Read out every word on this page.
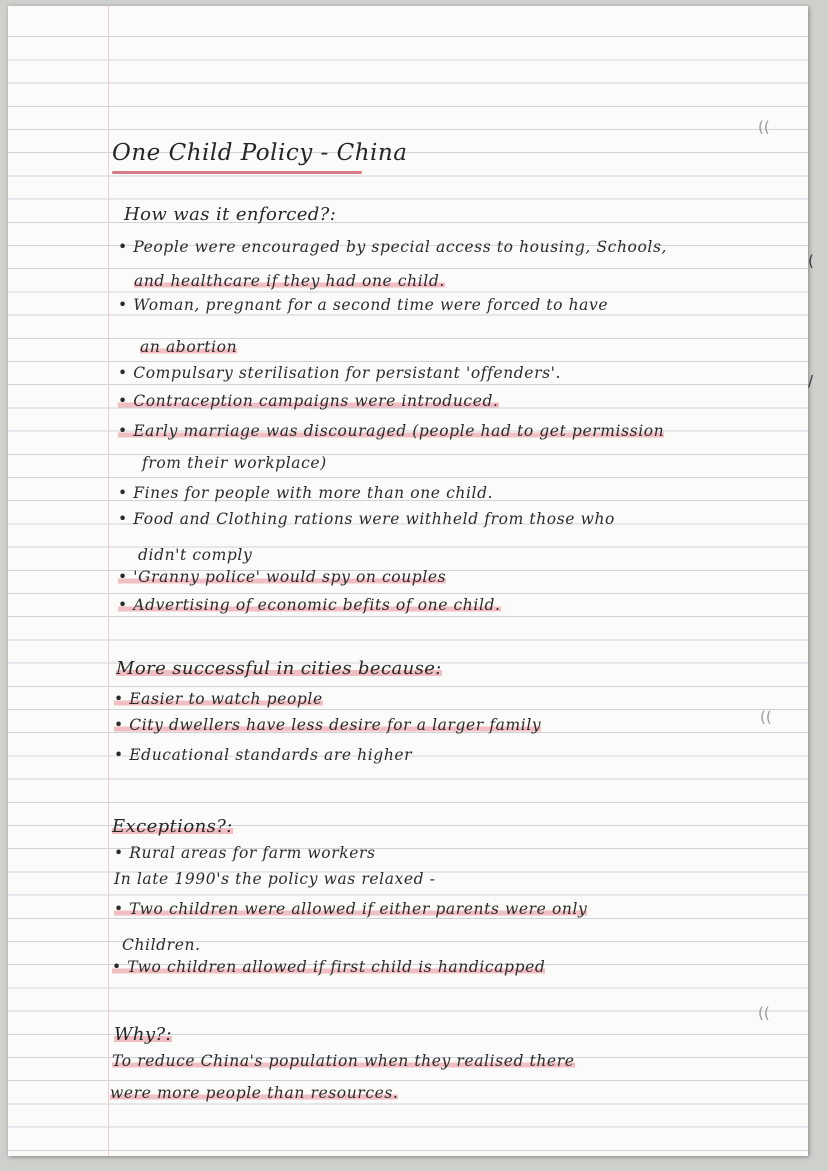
One Child Policy - China
How was it enforced?:
• People were encouraged by special access to housing, Schools,
and healthcare if they had one child.
• Woman, pregnant for a second time were forced to have
an abortion
• Compulsary sterilisation for persistant 'offenders'.
• Contraception campaigns were introduced.
• Early marriage was discouraged (people had to get permission
from their workplace)
• Fines for people with more than one child.
• Food and Clothing rations were withheld from those who
didn't comply
• 'Granny police' would spy on couples
• Advertising of economic befits of one child.
More successful in cities because:
• Easier to watch people
• City dwellers have less desire for a larger family
• Educational standards are higher
Exceptions?:
• Rural areas for farm workers
In late 1990's the policy was relaxed -
• Two children were allowed if either parents were only
Children.
• Two children allowed if first child is handicapped
Why?:
To reduce China's population when they realised there
were more people than resources.
((
(
/
((
((
